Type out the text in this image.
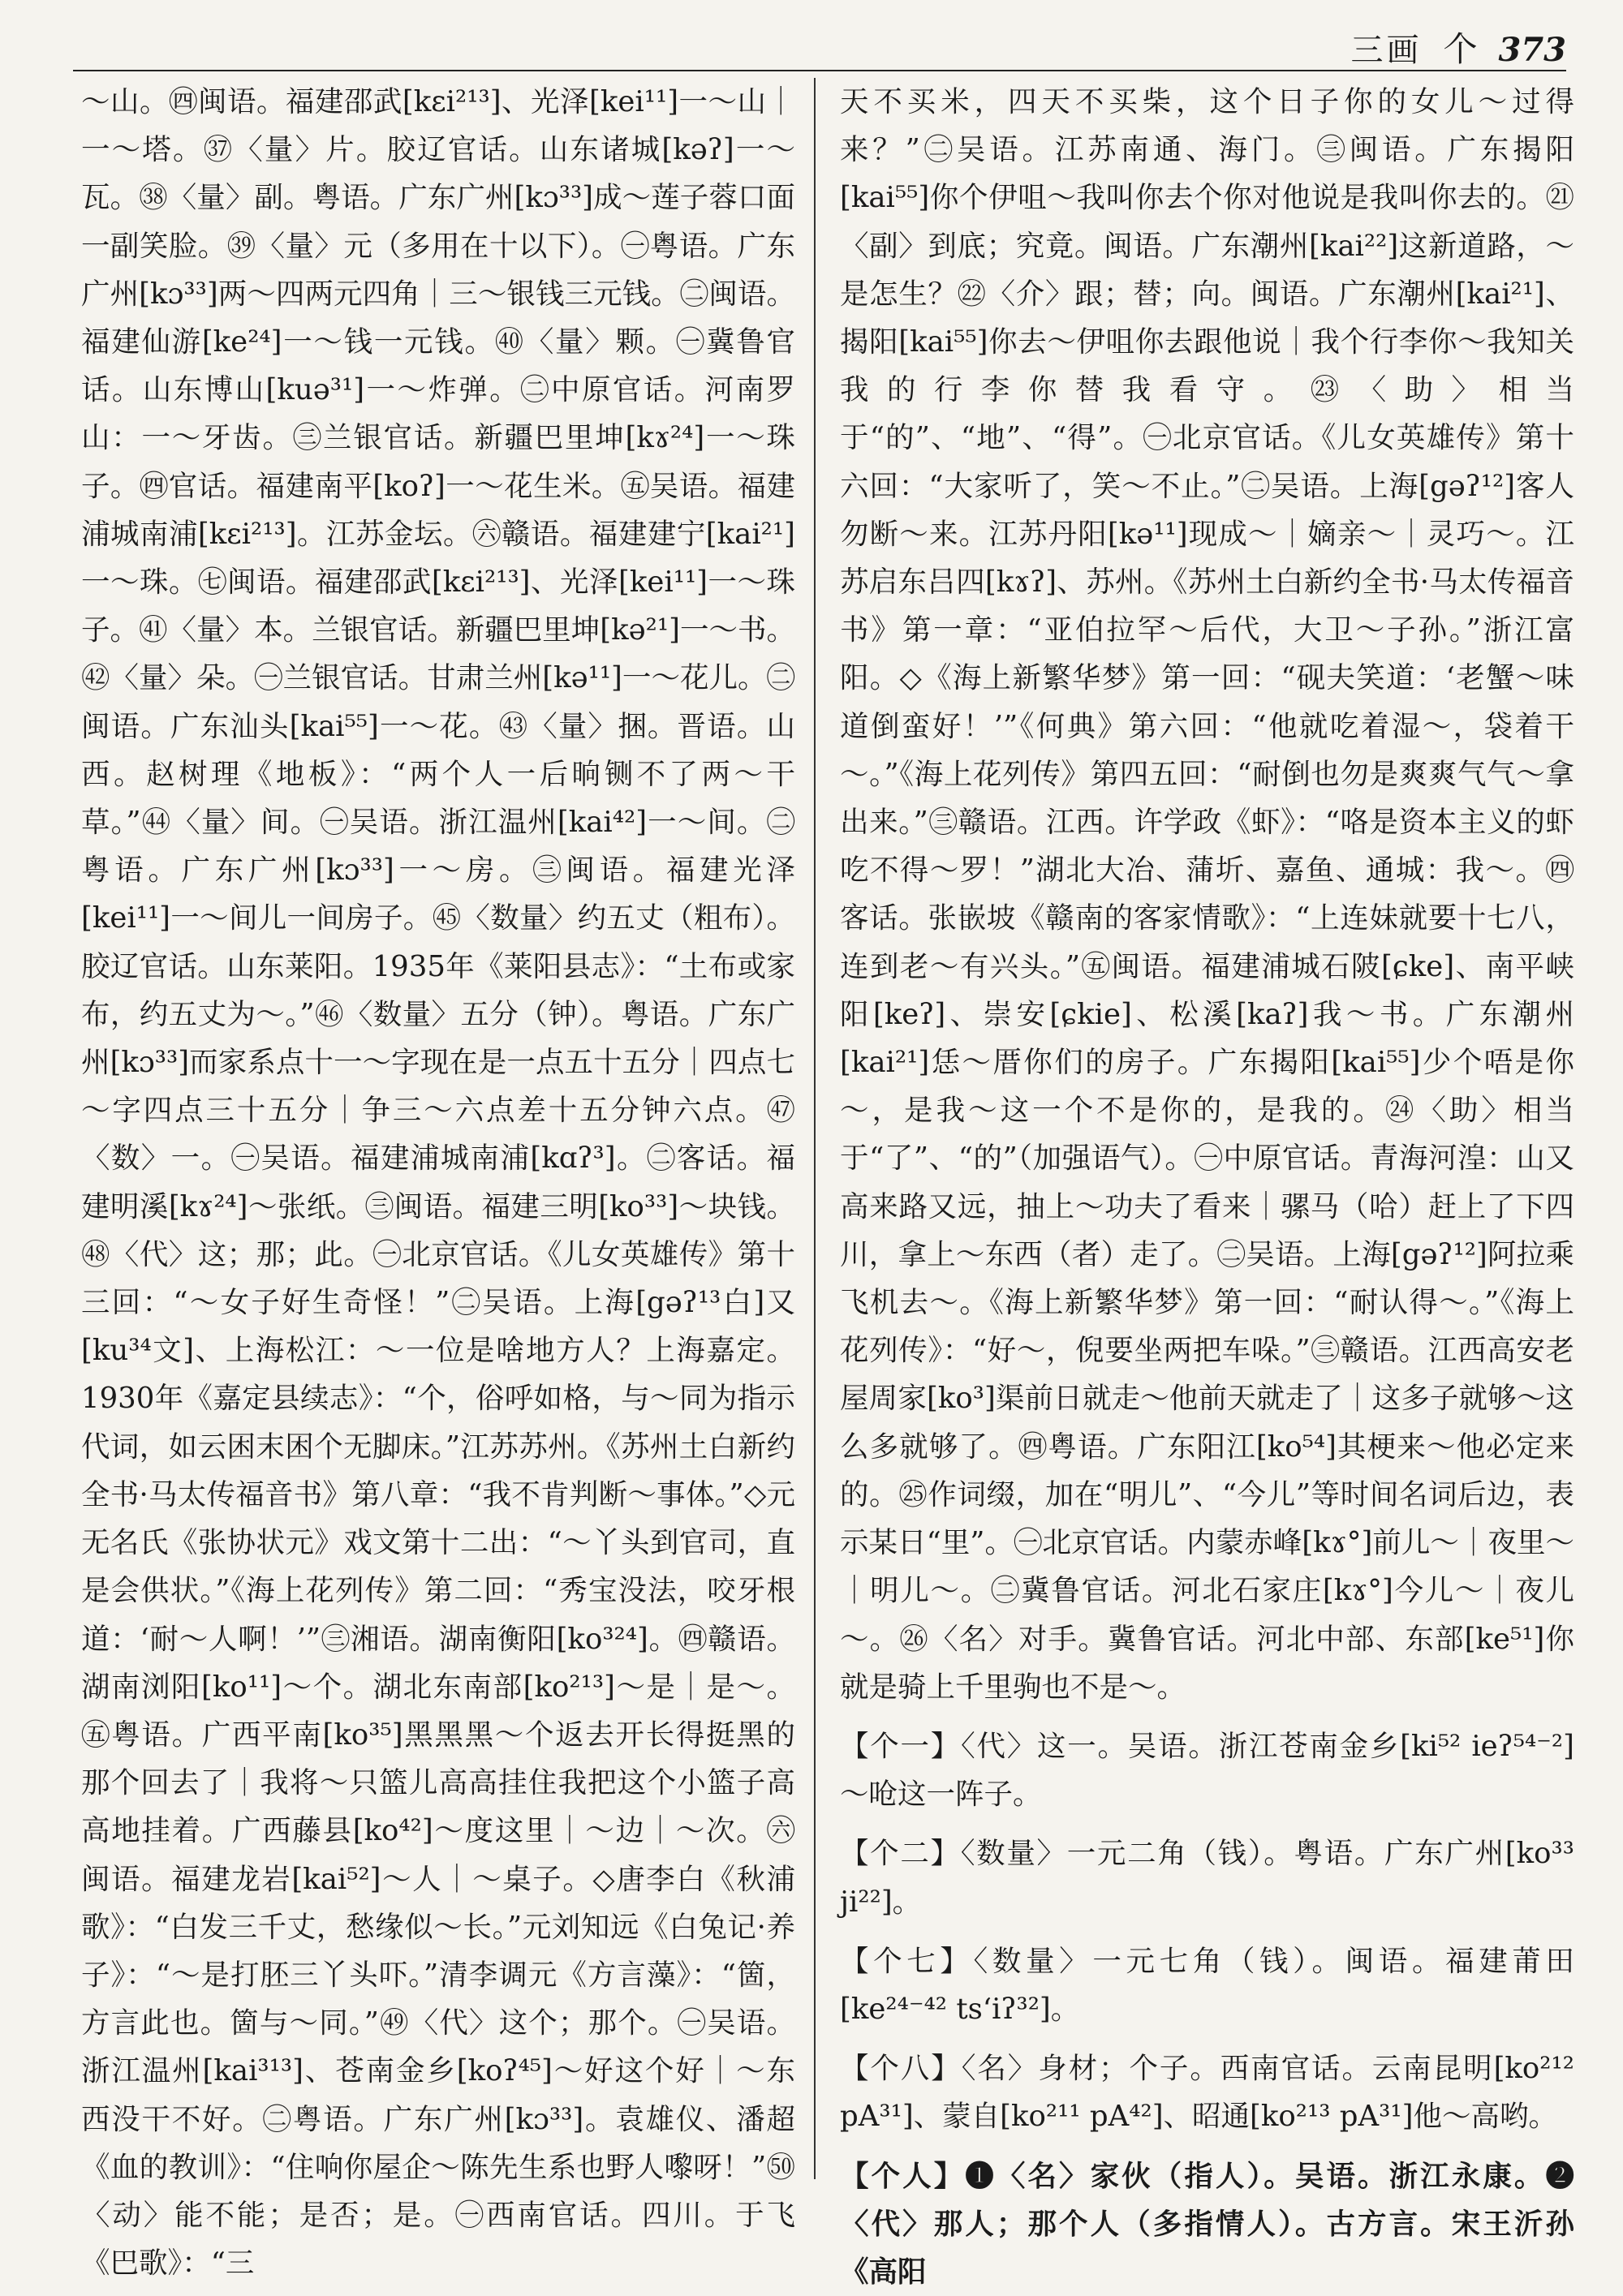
三画 个 373

～山。㊃闽语。福建邵武[kɛi²¹³]、光泽[kei¹¹]一～山｜一～塔。㊲〈量〉片。胶辽官话。山东诸城[kəʔ]一～瓦。㊳〈量〉副。粤语。广东广州[kɔ³³]成～莲子蓉口面一副笑脸。㊴〈量〉元（多用在十以下）。㊀粤语。广东广州[kɔ³³]两～四两元四角｜三～银钱三元钱。㊁闽语。福建仙游[ke²⁴]一～钱一元钱。㊵〈量〉颗。㊀冀鲁官话。山东博山[kuə³¹]一～炸弹。㊁中原官话。河南罗山：一～牙齿。㊂兰银官话。新疆巴里坤[kɤ²⁴]一～珠子。㊃官话。福建南平[koʔ]一～花生米。㊄吴语。福建浦城南浦[kɛi²¹³]。江苏金坛。㊅赣语。福建建宁[kai²¹]一～珠。㊆闽语。福建邵武[kɛi²¹³]、光泽[kei¹¹]一～珠子。㊶〈量〉本。兰银官话。新疆巴里坤[kə²¹]一～书。㊷〈量〉朵。㊀兰银官话。甘肃兰州[kə¹¹]一～花儿。㊁闽语。广东汕头[kai⁵⁵]一～花。㊸〈量〉捆。晋语。山西。赵树理《地板》：“两个人一后晌铡不了两～干草。”㊹〈量〉间。㊀吴语。浙江温州[kai⁴²]一～间。㊁粤语。广东广州[kɔ³³]一～房。㊂闽语。福建光泽[kei¹¹]一～间儿一间房子。㊺〈数量〉约五丈（粗布）。胶辽官话。山东莱阳。1935年《莱阳县志》：“土布或家布，约五丈为～。”㊻〈数量〉五分（钟）。粤语。广东广州[kɔ³³]而家系点十一～字现在是一点五十五分｜四点七～字四点三十五分｜争三～六点差十五分钟六点。㊼〈数〉一。㊀吴语。福建浦城南浦[kɑʔ³]。㊁客话。福建明溪[kɤ²⁴]～张纸。㊂闽语。福建三明[ko³³]～块钱。㊽〈代〉这；那；此。㊀北京官话。《儿女英雄传》第十三回：“～女子好生奇怪！”㊁吴语。上海[gəʔ¹³白]又[ku³⁴文]、上海松江：～一位是啥地方人？上海嘉定。1930年《嘉定县续志》：“个，俗呼如格，与～同为指示代词，如云困末困个无脚床。”江苏苏州。《苏州土白新约全书·马太传福音书》第八章：“我不肯判断～事体。”◇元无名氏《张协状元》戏文第十二出：“～丫头到官司，直是会供状。”《海上花列传》第二回：“秀宝没法，咬牙根道：‘耐～人啊！’”㊂湘语。湖南衡阳[ko³²⁴]。㊃赣语。湖南浏阳[ko¹¹]～个。湖北东南部[ko²¹³]～是｜是～。㊄粤语。广西平南[ko³⁵]黑黑黑～个返去开长得挺黑的那个回去了｜我将～只篮儿高高挂住我把这个小篮子高高地挂着。广西藤县[ko⁴²]～度这里｜～边｜～次。㊅闽语。福建龙岩[kai⁵²]～人｜～桌子。◇唐李白《秋浦歌》：“白发三千丈，愁缘似～长。”元刘知远《白兔记·养子》：“～是打胚三丫头吓。”清李调元《方言藻》：“箇，方言此也。箇与～同。”㊾〈代〉这个；那个。㊀吴语。浙江温州[kai³¹³]、苍南金乡[koʔ⁴⁵]～好这个好｜～东西没干不好。㊁粤语。广东广州[kɔ³³]。袁雄仪、潘超《血的教训》：“住响你屋企～陈先生系也野人嚟呀！”㊿〈动〉能不能；是否；是。㊀西南官话。四川。于飞《巴歌》：“三

天不买米，四天不买柴，这个日子你的女儿～过得来？”㊁吴语。江苏南通、海门。㊂闽语。广东揭阳[kai⁵⁵]你个伊咀～我叫你去个你对他说是我叫你去的。㉑〈副〉到底；究竟。闽语。广东潮州[kai²²]这新道路，～是怎生？㉒〈介〉跟；替；向。闽语。广东潮州[kai²¹]、揭阳[kai⁵⁵]你去～伊咀你去跟他说｜我个行李你～我知关我的行李你替我看守。㉓〈助〉相当于“的”、“地”、“得”。㊀北京官话。《儿女英雄传》第十六回：“大家听了，笑～不止。”㊁吴语。上海[gəʔ¹²]客人勿断～来。江苏丹阳[kə¹¹]现成～｜嫡亲～｜灵巧～。江苏启东吕四[kɤʔ]、苏州。《苏州土白新约全书·马太传福音书》第一章：“亚伯拉罕～后代，大卫～子孙。”浙江富阳。◇《海上新繁华梦》第一回：“砚夫笑道：‘老蟹～味道倒蛮好！’”《何典》第六回：“他就吃着湿～，袋着干～。”《海上花列传》第四五回：“耐倒也勿是爽爽气气～拿出来。”㊂赣语。江西。许学政《虾》：“咯是资本主义的虾吃不得～罗！”湖北大冶、蒲圻、嘉鱼、通城：我～。㊃客话。张嵌坡《赣南的客家情歌》：“上连妹就要十七八，连到老～有兴头。”㊄闽语。福建浦城石陂[ɕke]、南平峡阳[keʔ]、崇安[ɕkie]、松溪[kaʔ]我～书。广东潮州[kai²¹]恁～厝你们的房子。广东揭阳[kai⁵⁵]少个唔是你～，是我～这一个不是你的，是我的。㉔〈助〉相当于“了”、“的”（加强语气）。㊀中原官话。青海河湟：山又高来路又远，抽上～功夫了看来｜骡马（哈）赶上了下四川，拿上～东西（者）走了。㊁吴语。上海[gəʔ¹²]阿拉乘飞机去～。《海上新繁华梦》第一回：“耐认得～。”《海上花列传》：“好～，倪要坐两把车哚。”㊂赣语。江西高安老屋周家[ko³]渠前日就走～他前天就走了｜这多子就够～这么多就够了。㊃粤语。广东阳江[ko⁵⁴]其梗来～他必定来的。㉕作词缀，加在“明儿”、“今儿”等时间名词后边，表示某日“里”。㊀北京官话。内蒙赤峰[kɤ°]前儿～｜夜里～｜明儿～。㊁冀鲁官话。河北石家庄[kɤ°]今儿～｜夜儿～。㉖〈名〉对手。冀鲁官话。河北中部、东部[ke⁵¹]你就是骑上千里驹也不是～。

【个一】〈代〉这一。吴语。浙江苍南金乡[ki⁵² ieʔ⁵⁴⁻²]～呛这一阵子。

【个二】〈数量〉一元二角（钱）。粤语。广东广州[ko³³ ji²²]。

【个七】〈数量〉一元七角（钱）。闽语。福建莆田[ke²⁴⁻⁴² tsʻiʔ³²]。

【个八】〈名〉身材；个子。西南官话。云南昆明[ko²¹² pA³¹]、蒙自[ko²¹¹ pA⁴²]、昭通[ko²¹³ pA³¹]他～高哟。

【个人】❶〈名〉家伙（指人）。吴语。浙江永康。❷〈代〉那人；那个人（多指情人）。古方言。宋王沂孙《高阳
